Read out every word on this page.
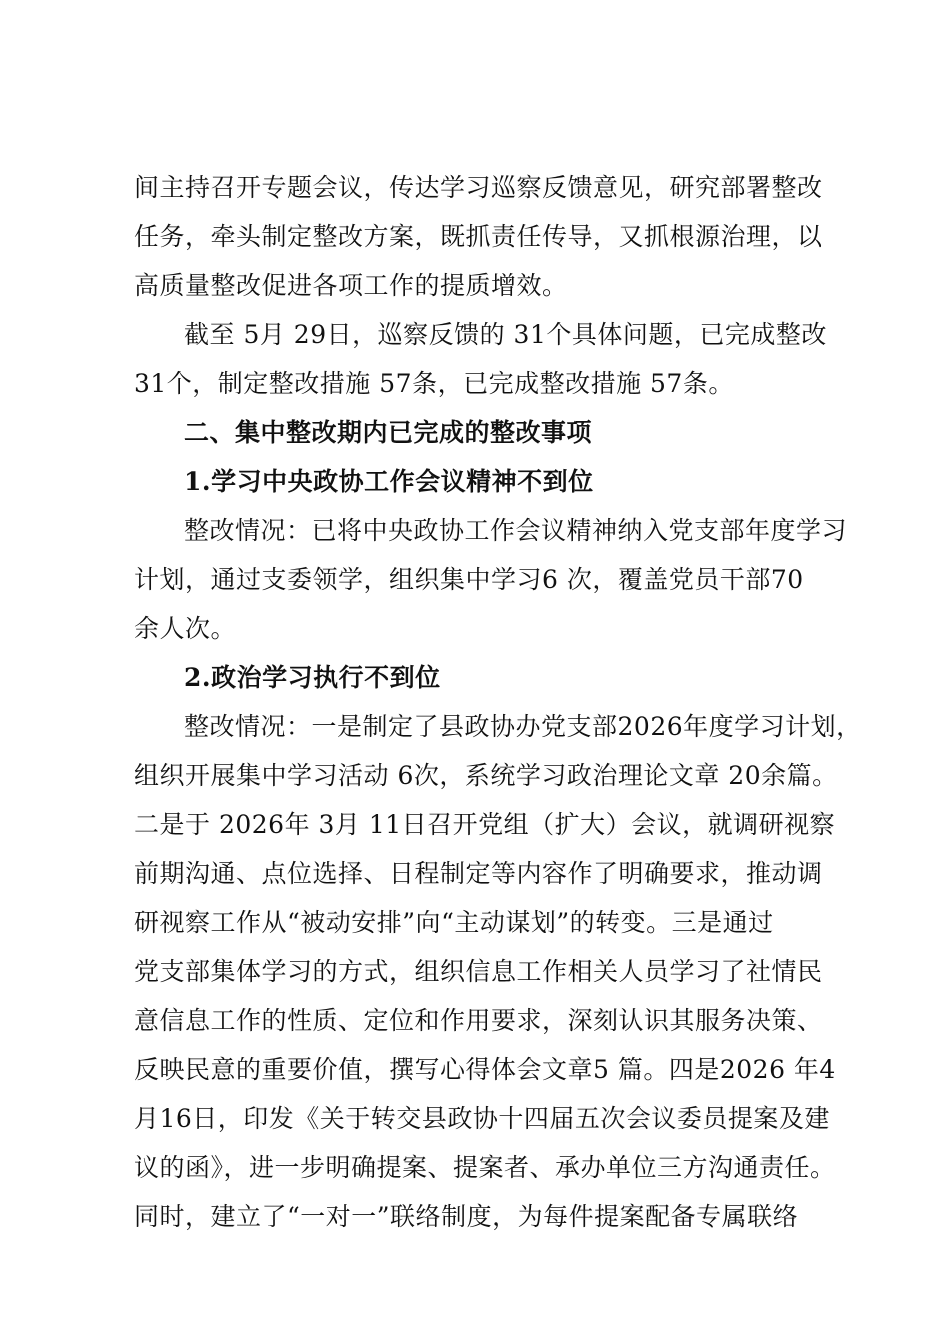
间主持召开专题会议，传达学习巡察反馈意见，研究部署整改
任务，牵头制定整改方案，既抓责任传导，又抓根源治理，以
高质量整改促进各项工作的提质增效。
截至 5月 29日，巡察反馈的 31个具体问题，已完成整改
31个，制定整改措施 57条，已完成整改措施 57条。
二、集中整改期内已完成的整改事项
1.学习中央政协工作会议精神不到位
整改情况：已将中央政协工作会议精神纳入党支部年度学习
计划，通过支委领学，组织集中学习6 次，覆盖党员干部70
余人次。
2.政治学习执行不到位
整改情况：一是制定了县政协办党支部2026年度学习计划，
组织开展集中学习活动 6次，系统学习政治理论文章 20余篇。
二是于 2026年 3月 11日召开党组（扩大）会议，就调研视察
前期沟通、点位选择、日程制定等内容作了明确要求，推动调
研视察工作从“被动安排”向“主动谋划”的转变。三是通过
党支部集体学习的方式，组织信息工作相关人员学习了社情民
意信息工作的性质、定位和作用要求，深刻认识其服务决策、
反映民意的重要价值，撰写心得体会文章5 篇。四是2026 年4
月16日，印发《关于转交县政协十四届五次会议委员提案及建
议的函》，进一步明确提案、提案者、承办单位三方沟通责任。
同时，建立了“一对一”联络制度，为每件提案配备专属联络
